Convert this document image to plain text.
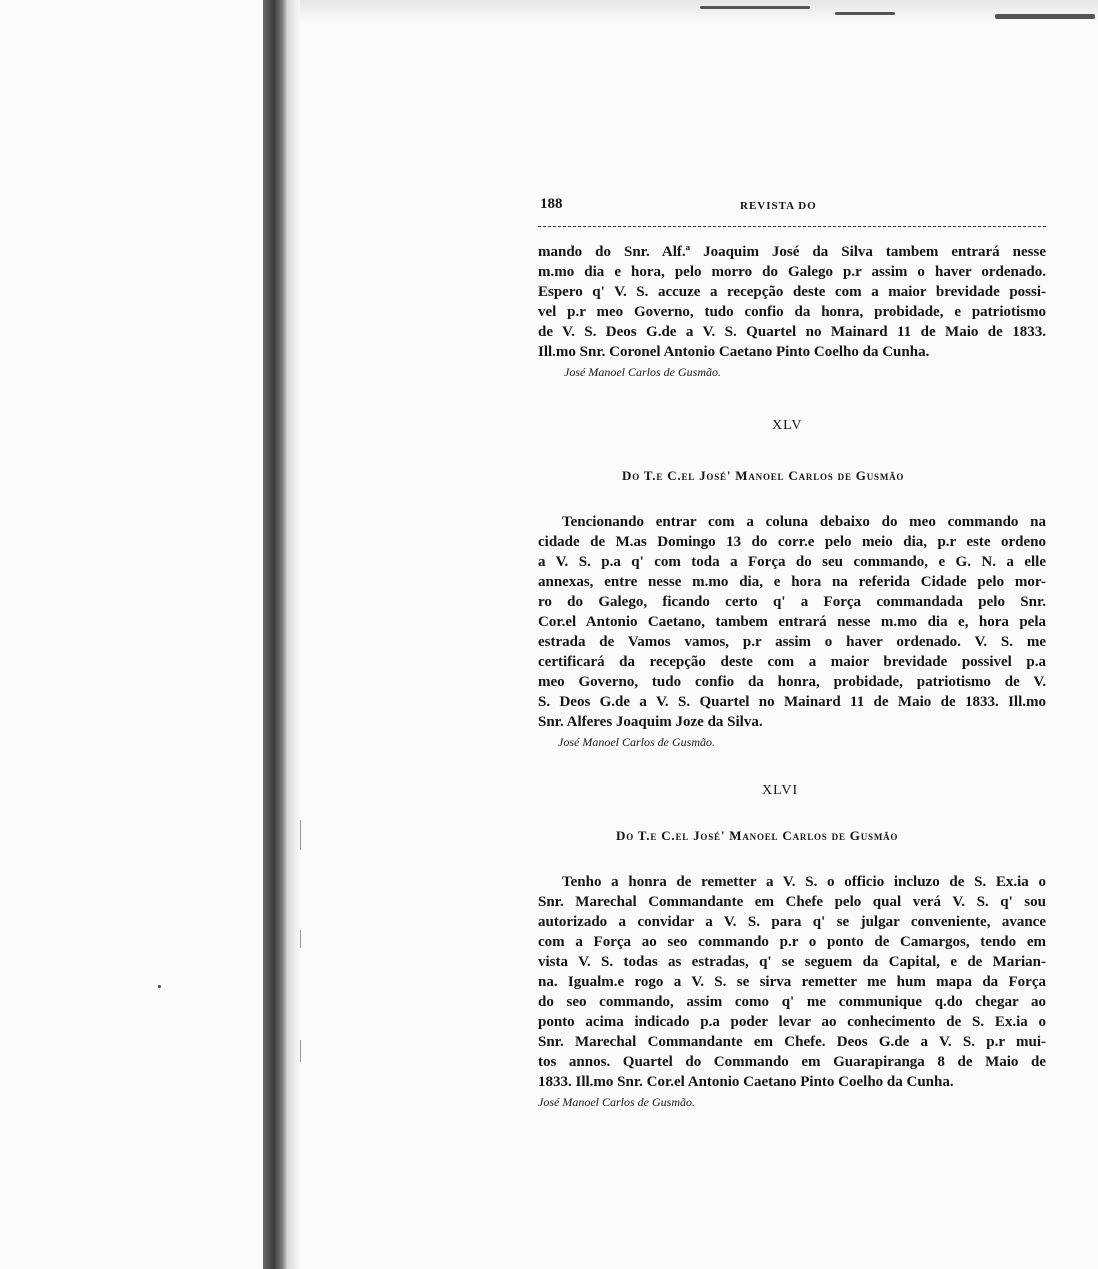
188	REVISTA DO
mando do Snr. Alf.ª Joaquim José da Silva tambem entrará nesse
m.mo dia e hora, pelo morro do Galego p.r assim o haver ordenado.
Espero q' V. S. accuze a recepção deste com a maior brevidade possi-
vel p.r meo Governo, tudo confio da honra, probidade, e patriotismo
de V. S. Deos G.de a V. S. Quartel no Mainard 11 de Maio de 1833.
Ill.mo Snr. Coronel Antonio Caetano Pinto Coelho da Cunha.
José Manoel Carlos de Gusmão.
XLV
Do T.e C.el José' Manoel Carlos de Gusmão
Tencionando entrar com a coluna debaixo do meo commando na
cidade de M.as Domingo 13 do corr.e pelo meio dia, p.r este ordeno
a V. S. p.a q' com toda a Força do seu commando, e G. N. a elle
annexas, entre nesse m.mo dia, e hora na referida Cidade pelo mor-
ro do Galego, ficando certo q' a Força commandada pelo Snr.
Cor.el Antonio Caetano, tambem entrará nesse m.mo dia e, hora pela
estrada de Vamos vamos, p.r assim o haver ordenado. V. S. me
certificará da recepção deste com a maior brevidade possivel p.a
meo Governo, tudo confio da honra, probidade, patriotismo de V.
S. Deos G.de a V. S. Quartel no Mainard 11 de Maio de 1833. Ill.mo
Snr. Alferes Joaquim Joze da Silva.
José Manoel Carlos de Gusmão.
XLVI
Do T.e C.el José' Manoel Carlos de Gusmão
Tenho a honra de remetter a V. S. o officio incluzo de S. Ex.ia o
Snr. Marechal Commandante em Chefe pelo qual verá V. S. q' sou
autorizado a convidar a V. S. para q' se julgar conveniente, avance
com a Força ao seo commando p.r o ponto de Camargos, tendo em
vista V. S. todas as estradas, q' se seguem da Capital, e de Marian-
na. Igualm.e rogo a V. S. se sirva remetter me hum mapa da Força
do seo commando, assim como q' me communique q.do chegar ao
ponto acima indicado p.a poder levar ao conhecimento de S. Ex.ia o
Snr. Marechal Commandante em Chefe. Deos G.de a V. S. p.r mui-
tos annos. Quartel do Commando em Guarapiranga 8 de Maio de
1833. Ill.mo Snr. Cor.el Antonio Caetano Pinto Coelho da Cunha.
José Manoel Carlos de Gusmão.
